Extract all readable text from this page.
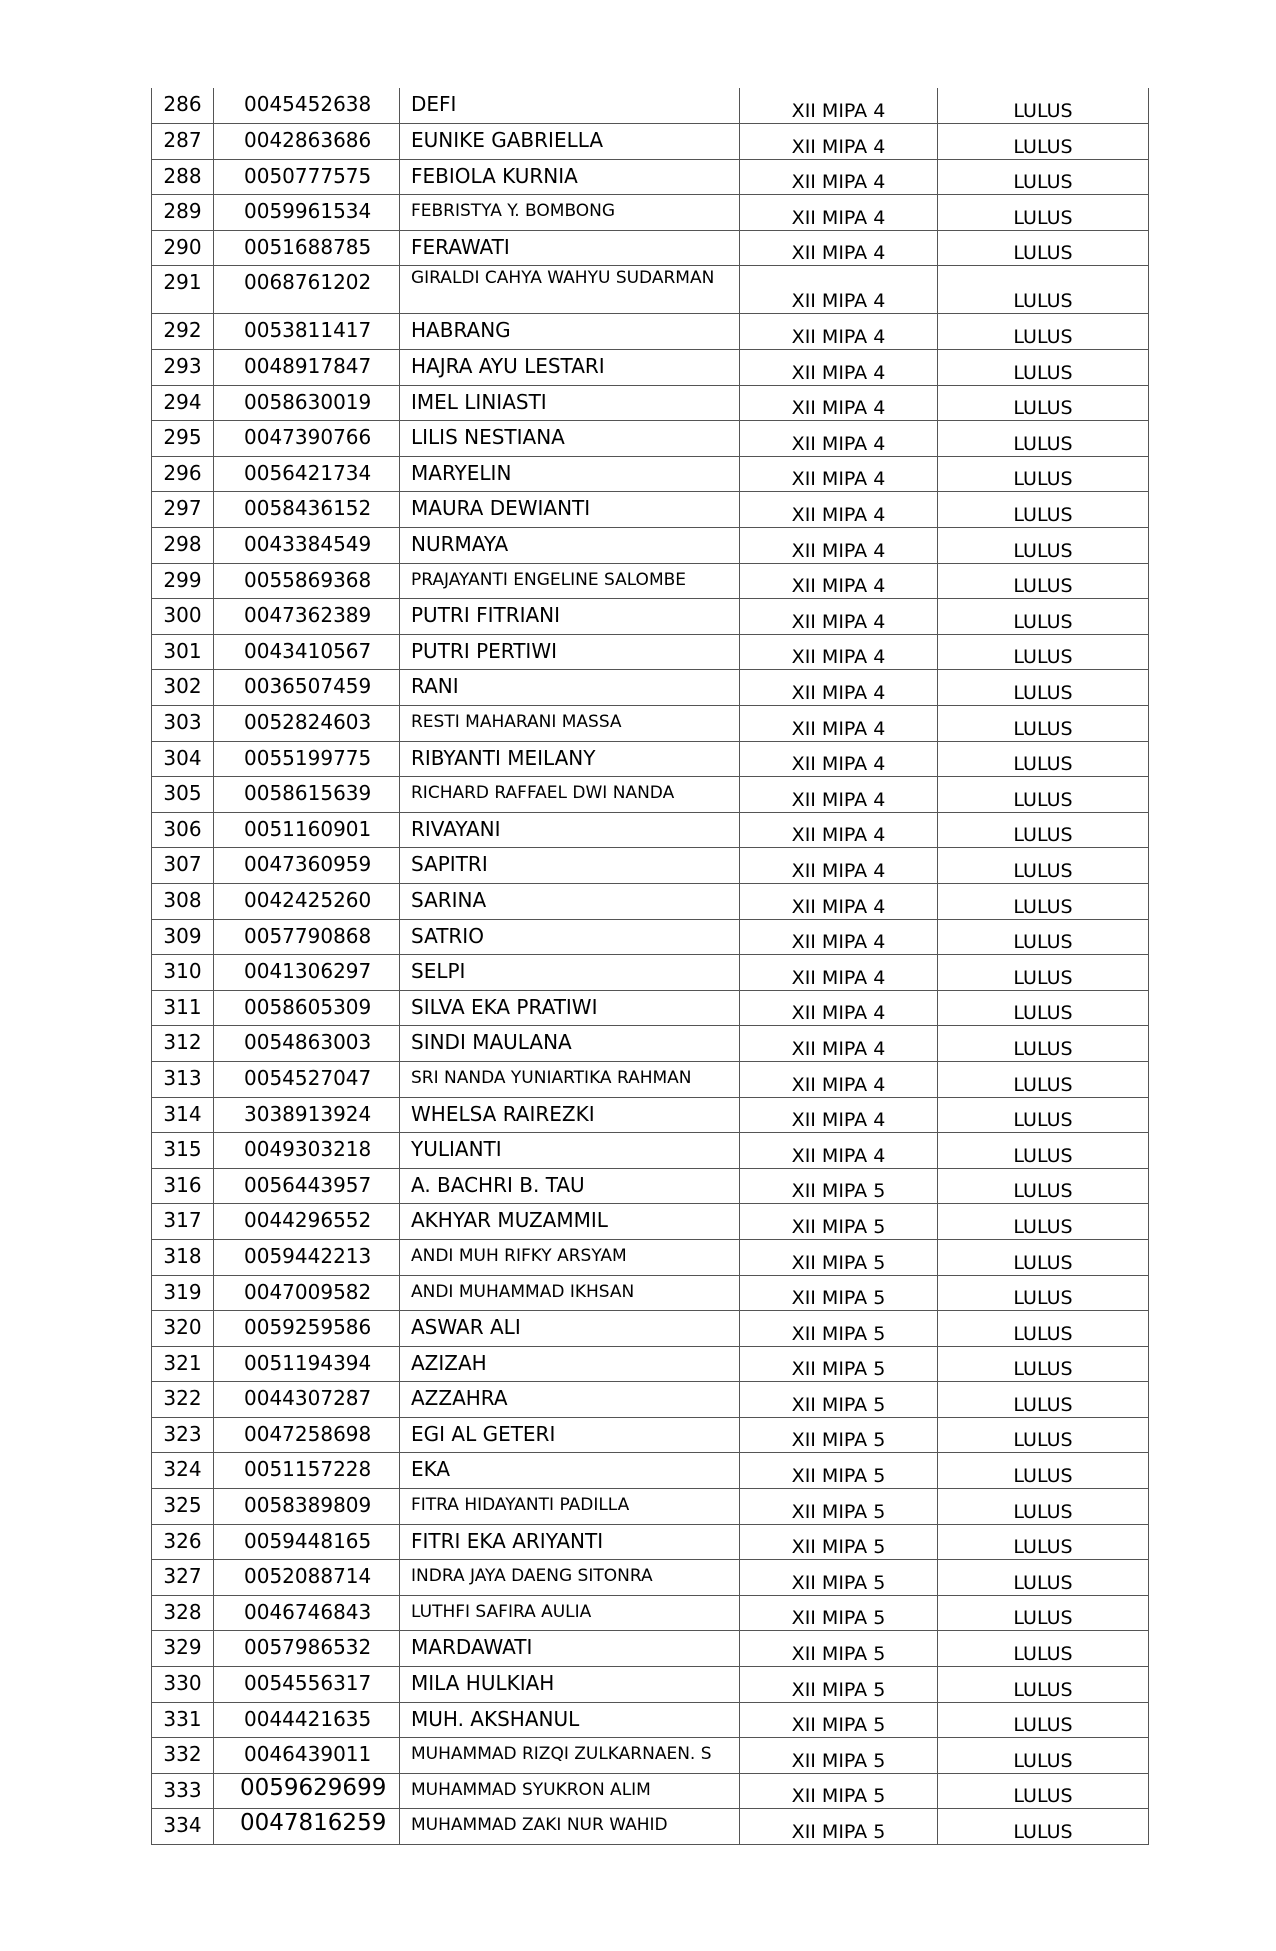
286	0045452638	DEFI	XII MIPA 4	LULUS
287	0042863686	EUNIKE GABRIELLA	XII MIPA 4	LULUS
288	0050777575	FEBIOLA KURNIA	XII MIPA 4	LULUS
289	0059961534	FEBRISTYA Y. BOMBONG	XII MIPA 4	LULUS
290	0051688785	FERAWATI	XII MIPA 4	LULUS
291	0068761202	GIRALDI CAHYA WAHYU SUDARMAN	XII MIPA 4	LULUS
292	0053811417	HABRANG	XII MIPA 4	LULUS
293	0048917847	HAJRA AYU LESTARI	XII MIPA 4	LULUS
294	0058630019	IMEL LINIASTI	XII MIPA 4	LULUS
295	0047390766	LILIS NESTIANA	XII MIPA 4	LULUS
296	0056421734	MARYELIN	XII MIPA 4	LULUS
297	0058436152	MAURA DEWIANTI	XII MIPA 4	LULUS
298	0043384549	NURMAYA	XII MIPA 4	LULUS
299	0055869368	PRAJAYANTI ENGELINE SALOMBE	XII MIPA 4	LULUS
300	0047362389	PUTRI FITRIANI	XII MIPA 4	LULUS
301	0043410567	PUTRI PERTIWI	XII MIPA 4	LULUS
302	0036507459	RANI	XII MIPA 4	LULUS
303	0052824603	RESTI MAHARANI MASSA	XII MIPA 4	LULUS
304	0055199775	RIBYANTI MEILANY	XII MIPA 4	LULUS
305	0058615639	RICHARD RAFFAEL DWI NANDA	XII MIPA 4	LULUS
306	0051160901	RIVAYANI	XII MIPA 4	LULUS
307	0047360959	SAPITRI	XII MIPA 4	LULUS
308	0042425260	SARINA	XII MIPA 4	LULUS
309	0057790868	SATRIO	XII MIPA 4	LULUS
310	0041306297	SELPI	XII MIPA 4	LULUS
311	0058605309	SILVA EKA PRATIWI	XII MIPA 4	LULUS
312	0054863003	SINDI MAULANA	XII MIPA 4	LULUS
313	0054527047	SRI NANDA YUNIARTIKA RAHMAN	XII MIPA 4	LULUS
314	3038913924	WHELSA RAIREZKI	XII MIPA 4	LULUS
315	0049303218	YULIANTI	XII MIPA 4	LULUS
316	0056443957	A. BACHRI B. TAU	XII MIPA 5	LULUS
317	0044296552	AKHYAR MUZAMMIL	XII MIPA 5	LULUS
318	0059442213	ANDI MUH RIFKY ARSYAM	XII MIPA 5	LULUS
319	0047009582	ANDI MUHAMMAD IKHSAN	XII MIPA 5	LULUS
320	0059259586	ASWAR ALI	XII MIPA 5	LULUS
321	0051194394	AZIZAH	XII MIPA 5	LULUS
322	0044307287	AZZAHRA	XII MIPA 5	LULUS
323	0047258698	EGI AL GETERI	XII MIPA 5	LULUS
324	0051157228	EKA	XII MIPA 5	LULUS
325	0058389809	FITRA HIDAYANTI PADILLA	XII MIPA 5	LULUS
326	0059448165	FITRI EKA ARIYANTI	XII MIPA 5	LULUS
327	0052088714	INDRA JAYA DAENG SITONRA	XII MIPA 5	LULUS
328	0046746843	LUTHFI SAFIRA AULIA	XII MIPA 5	LULUS
329	0057986532	MARDAWATI	XII MIPA 5	LULUS
330	0054556317	MILA HULKIAH	XII MIPA 5	LULUS
331	0044421635	MUH. AKSHANUL	XII MIPA 5	LULUS
332	0046439011	MUHAMMAD RIZQI ZULKARNAEN. S	XII MIPA 5	LULUS
333	0059629699	MUHAMMAD SYUKRON ALIM	XII MIPA 5	LULUS
334	0047816259	MUHAMMAD ZAKI NUR WAHID	XII MIPA 5	LULUS
